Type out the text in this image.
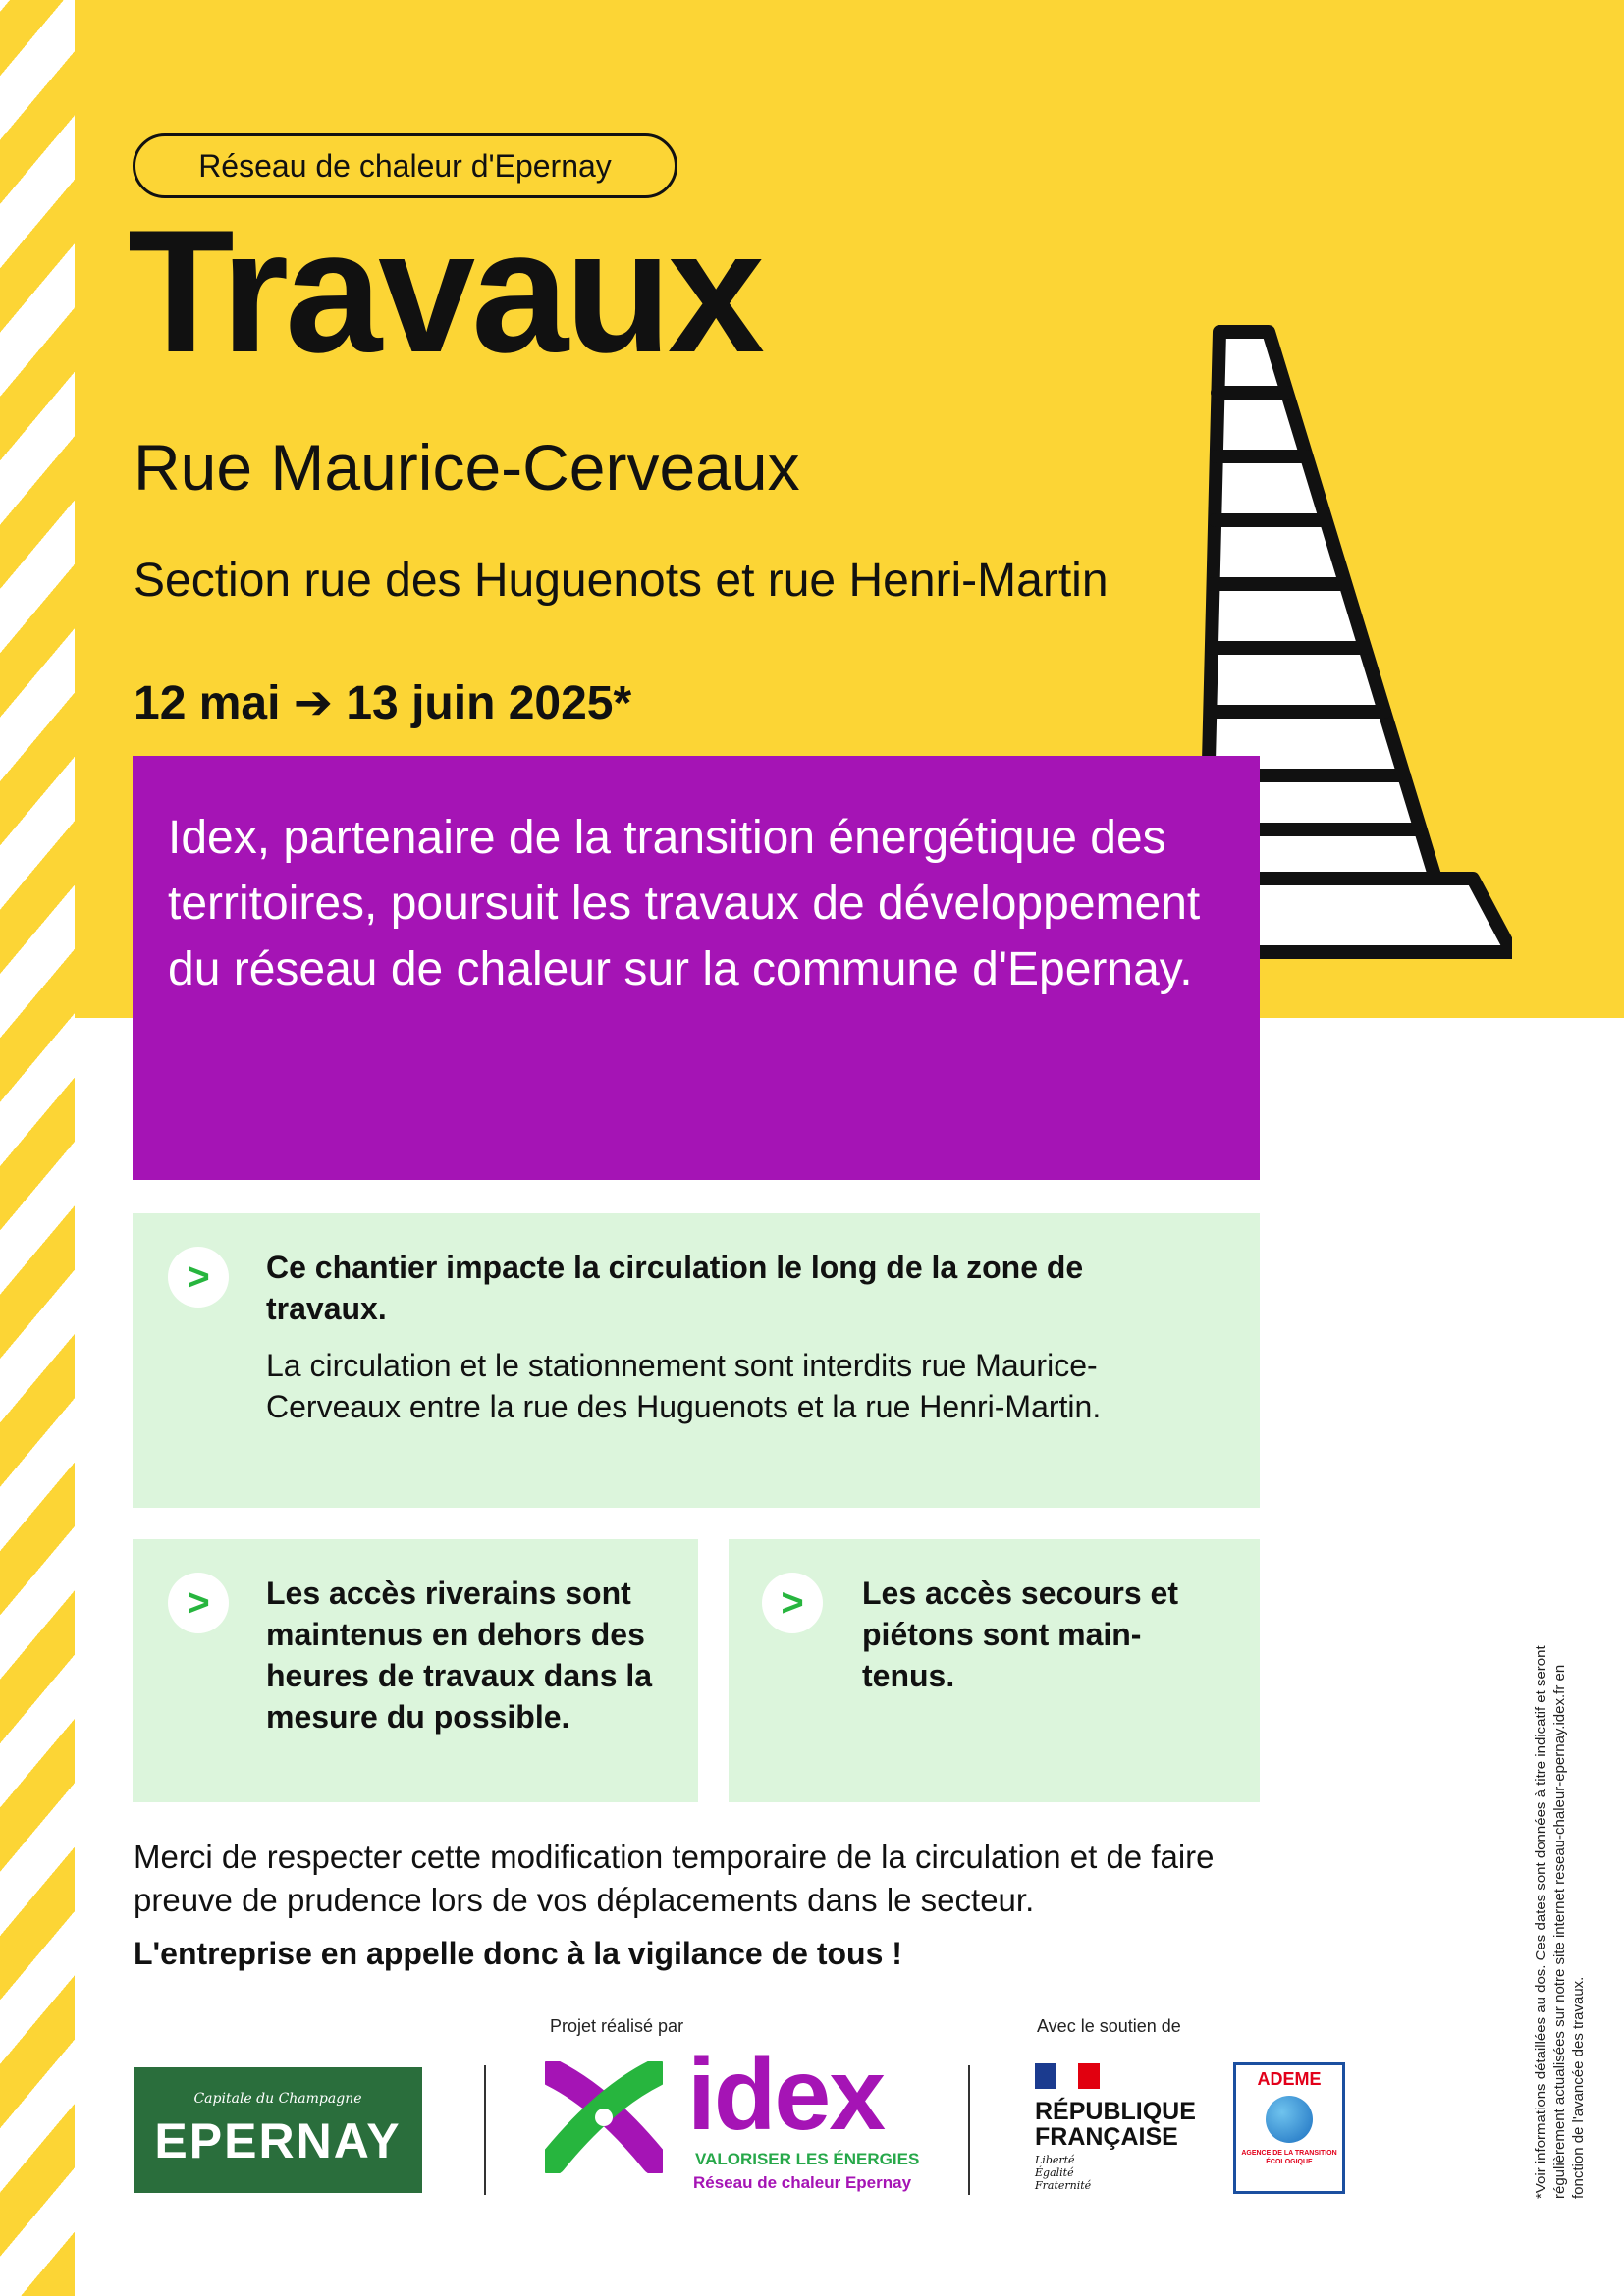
Réseau de chaleur d'Epernay
Travaux
Rue Maurice-Cerveaux
Section rue des Huguenots et rue Henri-Martin
12 mai ➔ 13 juin 2025*

Idex, partenaire de la transition énergétique des territoires, poursuit les travaux de développement du réseau de chaleur sur la commune d'Epernay.

>	Ce chantier impacte la circulation le long de la zone de travaux.
La circulation et le stationnement sont interdits rue Maurice-Cerveaux entre la rue des Huguenots et la rue Henri-Martin.
>	Les accès riverains sont maintenus en dehors des heures de travaux dans la mesure du possible.
>	Les accès secours et piétons sont main-tenus.
Merci de respecter cette modification temporaire de la circulation et de faire preuve de prudence lors de vos déplacements dans le secteur.
L'entreprise en appelle donc à la vigilance de tous !
Projet réalisé par	Avec le soutien de
Capitale du Champagne
EPERNAY	idex
VALORISER LES ÉNERGIES
Réseau de chaleur Epernay
RÉPUBLIQUE
FRANÇAISE
Liberté
Égalité
Fraternité
ADEME
AGENCE DE LA TRANSITION ÉCOLOGIQUE	*Voir informations détaillées au dos. Ces dates sont données à titre indicatif et seront régulièrement actualisées sur notre site internet reseau-chaleur-epernay.idex.fr en fonction de l'avancée des travaux.
